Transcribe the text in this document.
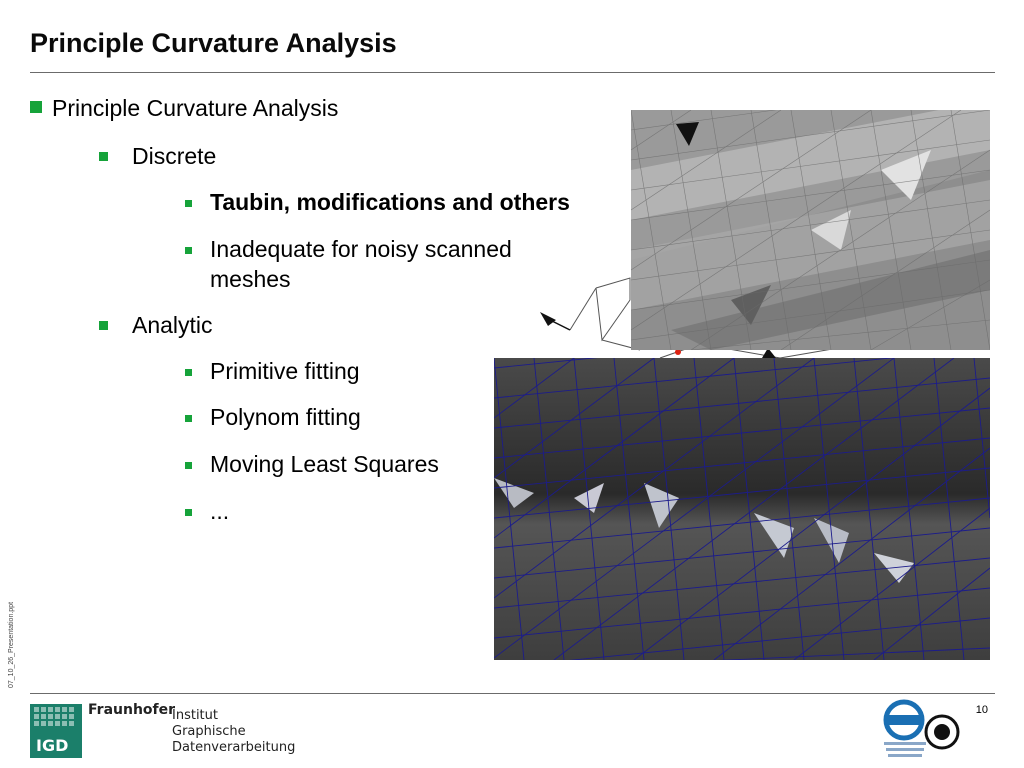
Principle Curvature Analysis
Principle Curvature Analysis
Discrete
Taubin, modifications and others
Inadequate for noisy scanned
meshes
Analytic
Primitive fitting
Polynom fitting
Moving Least Squares
...
07_10_26_Presentation.ppt
IGD
Fraunhofer
Institut
Graphische
Datenverarbeitung
10
